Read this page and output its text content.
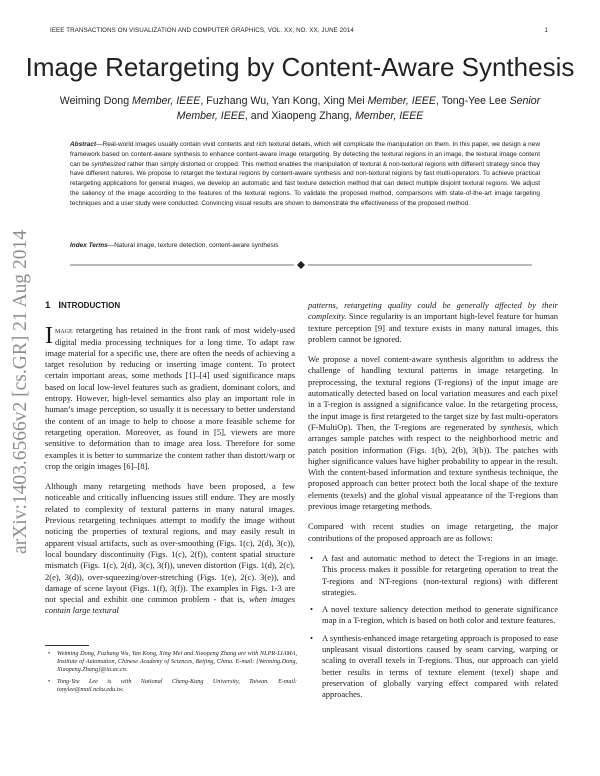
IEEE TRANSACTIONS ON VISUALIZATION AND COMPUTER GRAPHICS, VOL. XX, NO. XX, JUNE 2014	1
Image Retargeting by Content-Aware Synthesis
Weiming Dong Member, IEEE, Fuzhang Wu, Yan Kong, Xing Mei Member, IEEE, Tong-Yee Lee Senior
Member, IEEE, and Xiaopeng Zhang, Member, IEEE
Abstract—Real-world images usually contain vivid contents and rich textural details, which will complicate the manipulation on them. In this paper, we design a new framework based on content-aware synthesis to enhance content-aware image retargeting. By detecting the textural regions in an image, the textural image content can be synthesized rather than simply distorted or cropped. This method enables the manipulation of textural & non-textural regions with different strategy since they have different natures. We propose to retarget the textural regions by content-aware synthesis and non-textural regions by fast multi-operators. To achieve practical retargeting applications for general images, we develop an automatic and fast texture detection method that can detect multiple disjoint textural regions. We adjust the saliency of the image according to the features of the textural regions. To validate the proposed method, comparisons with state-of-the-art image targeting techniques and a user study were conducted. Convincing visual results are shown to demonstrate the effectiveness of the proposed method.
Index Terms—Natural image, texture detection, content-aware synthesis
arXiv:1403.6566v2 [cs.GR] 21 Aug 2014 1 INTRODUCTION

Image retargeting has retained in the front rank of most widely-used digital media processing techniques for a long time. To adapt raw image material for a specific use, there are often the needs of achieving a target resolution by reducing or inserting image content. To protect certain important areas, some methods [1]–[4] used significance maps based on local low-level features such as gradient, dominant colors, and entropy. However, high-level semantics also play an important role in human’s image perception, so usually it is necessary to better understand the content of an image to help to choose a more feasible scheme for retargeting operation. Moreover, as found in [5], viewers are more sensitive to deformation than to image area loss. Therefore for some examples it is better to summarize the content rather than distort/warp or crop the origin images [6]–[8].

Although many retargeting methods have been proposed, a few noticeable and critically influencing issues still endure. They are mostly related to complexity of textural patterns in many natural images. Previous retargeting techniques attempt to modify the image without noticing the properties of textural regions, and may easily result in apparent visual artifacts, such as over-smoothing (Figs. 1(c), 2(d), 3(c)), local boundary discontinuity (Figs. 1(c), 2(f)), content spatial structure mismatch (Figs. 1(c), 2(d), 3(c), 3(f)), uneven distortion (Figs. 1(d), 2(c), 2(e), 3(d)), over-squeezing/over-stretching (Figs. 1(e), 2(c). 3(e)), and damage of scene layout (Figs. 1(f), 3(f)). The examples in Figs. 1-3 are not special and exhibit one common problem - that is, when images contain large textural

• Weiming Dong, Fuzhang Wu, Yan Kong, Xing Mei and Xiaopeng Zhang are with NLPR-LIAMA, Institute of Automation, Chinese Academy of Sciences, Beijing, China. E-mail: {Weiming.Dong, Xiaopeng.Zhang}@ia.ac.cn.
• Tong-Yee Lee is with National Cheng-Kung University, Taiwan. E-mail: tonylee@mail.ncku.edu.tw.

patterns, retargeting quality could be generally affected by their complexity. Since regularity is an important high-level feature for human texture perception [9] and texture exists in many natural images, this problem cannot be ignored.

We propose a novel content-aware synthesis algorithm to address the challenge of handling textural patterns in image retargeting. In preprocessing, the textural regions (T-regions) of the input image are automatically detected based on local variation measures and each pixel in a T-region is assigned a significance value. In the retargeting process, the input image is first retargeted to the target size by fast multi-operators (F-MultiOp). Then, the T-regions are regenerated by synthesis, which arranges sample patches with respect to the neighborhood metric and patch position information (Figs. 1(b), 2(b), 3(b)). The patches with higher significance values have higher probability to appear in the result. With the content-based information and texture synthesis technique, the proposed approach can better protect both the local shape of the texture elements (texels) and the global visual appearance of the T-regions than previous image retargeting methods.

Compared with recent studies on image retargeting, the major contributions of the proposed approach are as follows:

• A fast and automatic method to detect the T-regions in an image. This process makes it possible for retargeting operation to treat the T-regions and NT-regions (non-textural regions) with different strategies.
• A novel texture saliency detection method to generate significance map in a T-region, which is based on both color and texture features.
• A synthesis-enhanced image retargeting approach is proposed to ease unpleasant visual distortions caused by seam carving, warping or scaling to overall texels in T-regions. Thus, our approach can yield better results in terms of texture element (texel) shape and preservation of globally varying effect compared with related approaches.
